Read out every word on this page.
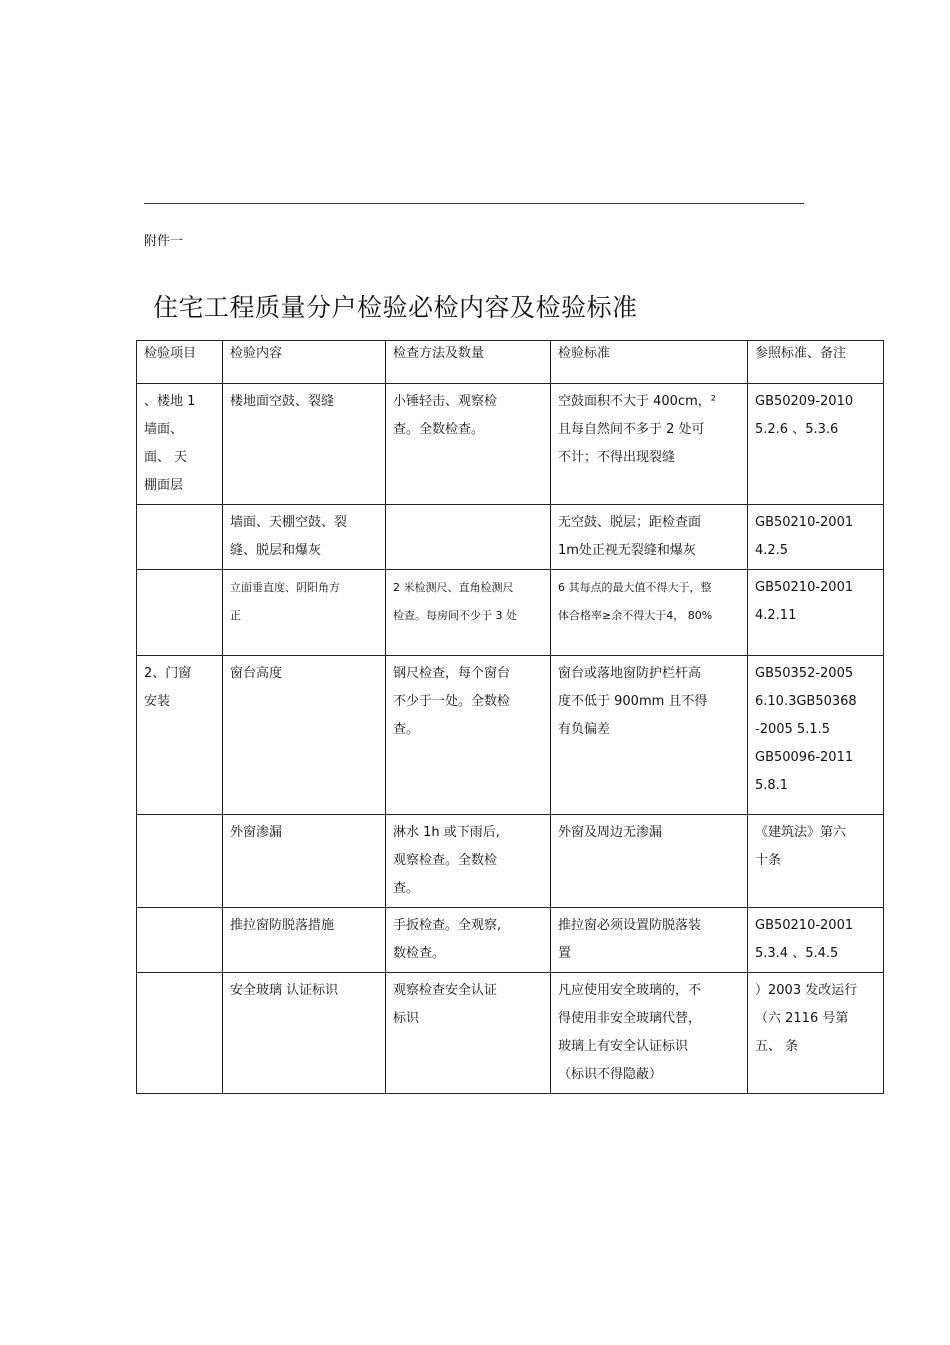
附件一
住宅工程质量分户检验必检内容及检验标准
检验项目	检验内容	检查方法及数量	检验标准	参照标准、备注

、楼地 1
墙面、
面、 天
棚面层	楼地面空鼓、裂缝	小锤轻击、观察检
查。全数检查。	空鼓面积不大于 400cm，²
且每自然间不多于 2 处可
不计；不得出现裂缝	GB50209-2010
5.2.6 、5.3.6

	墙面、天棚空鼓、裂
缝、脱层和爆灰		无空鼓、脱层；距检查面
1m处正视无裂缝和爆灰	GB50210-2001
4.2.5

	立面垂直度、阴阳角方
正	2 米检测尺、直角检测尺
检查。每房间不少于 3 处	6 其每点的最大值不得大于，整
体合格率≥余不得大于4， 80%	GB50210-2001
4.2.11

2、门窗
安装	窗台高度	钢尺检查，每个窗台
不少于一处。全数检
查。	窗台或落地窗防护栏杆高
度不低于 900mm 且不得
有负偏差	GB50352-2005
6.10.3GB50368
-2005 5.1.5
GB50096-2011
5.8.1

	外窗渗漏	淋水 1h 或下雨后,
观察检查。全数检
查。	外窗及周边无渗漏	《建筑法》第六
十条

	推拉窗防脱落措施	手扳检查。全观察,
数检查。	推拉窗必须设置防脱落装
置	GB50210-2001
5.3.4 、5.4.5

	安全玻璃 认证标识	观察检查安全认证
标识	凡应使用安全玻璃的，不
得使用非安全玻璃代替，
玻璃上有安全认证标识
（标识不得隐蔽）	）2003 发改运行
（六 2116 号第
五、 条
